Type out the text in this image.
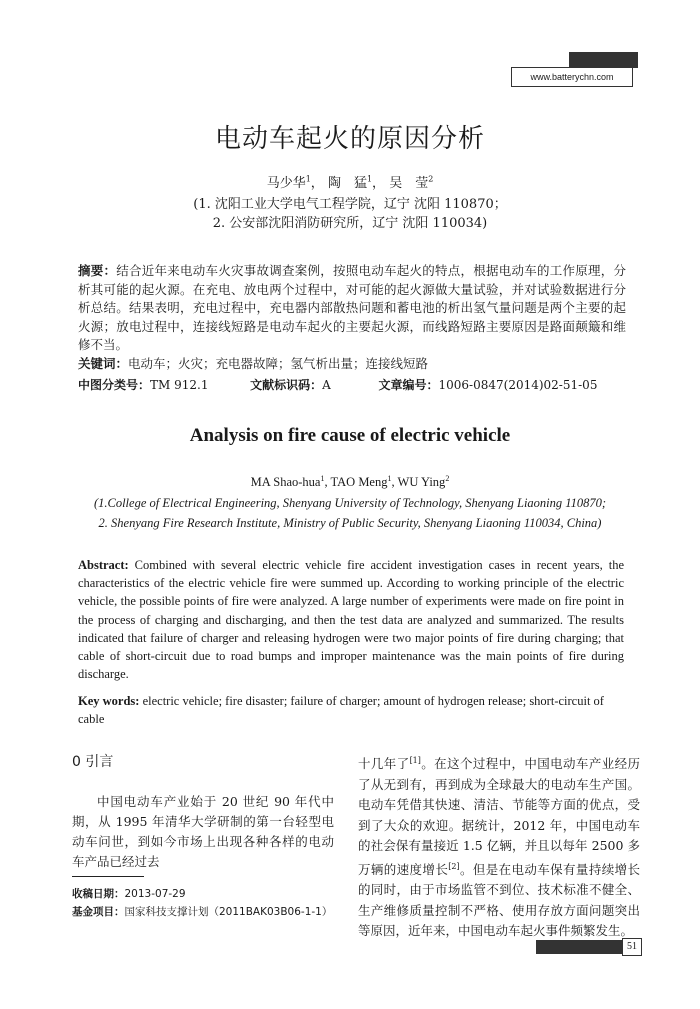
www.batterychn.com
电动车起火的原因分析
马少华$^1$， 陶　猛$^1$， 吴　莹$^2$
(1. 沈阳工业大学电气工程学院，辽宁 沈阳 110870；
2. 公安部沈阳消防研究所，辽宁 沈阳 110034)
摘要：结合近年来电动车火灾事故调查案例，按照电动车起火的特点，根据电动车的工作原理，分析其可能的起火源。在充电、放电两个过程中，对可能的起火源做大量试验，并对试验数据进行分析总结。结果表明，充电过程中，充电器内部散热问题和蓄电池的析出氢气量问题是两个主要的起火源；放电过程中，连接线短路是电动车起火的主要起火源，而线路短路主要原因是路面颠簸和维修不当。
关键词：电动车；火灾；充电器故障；氢气析出量；连接线短路
中图分类号：TM 912.1	文献标识码：A	文章编号：1006-0847(2014)02-51-05
Analysis on fire cause of electric vehicle
MA Shao-hua$^1$, TAO Meng$^1$, WU Ying$^2$
(1.College of Electrical Engineering, Shenyang University of Technology, Shenyang Liaoning 110870;
2. Shenyang Fire Research Institute, Ministry of Public Security, Shenyang Liaoning 110034, China)
Abstract: Combined with several electric vehicle fire accident investigation cases in recent years, the characteristics of the electric vehicle fire were summed up. According to working principle of the electric vehicle, the possible points of fire were analyzed. A large number of experiments were made on fire point in the process of charging and discharging, and then the test data are analyzed and summarized. The results indicated that failure of charger and releasing hydrogen were two major points of fire during charging; that cable of short-circuit due to road bumps and improper maintenance was the main points of fire during discharge.
Key words: electric vehicle; fire disaster; failure of charger; amount of hydrogen release; short-circuit of cable
0 引言
中国电动车产业始于 20 世纪 90 年代中期，从 1995 年清华大学研制的第一台轻型电动车问世，到如今市场上出现各种各样的电动车产品已经过去
十几年了[1]。在这个过程中，中国电动车产业经历了从无到有，再到成为全球最大的电动车生产国。电动车凭借其快速、清洁、节能等方面的优点，受到了大众的欢迎。据统计，2012 年，中国电动车的社会保有量接近 1.5 亿辆，并且以每年 2500 多万辆的速度增长[2]。但是在电动车保有量持续增长的同时，由于市场监管不到位、技术标准不健全、生产维修质量控制不严格、使用存放方面问题突出等原因，近年来，中国电动车起火事件频繁发生。
收稿日期：2013-07-29
基金项目：国家科技支撑计划（2011BAK03B06-1-1）
51
